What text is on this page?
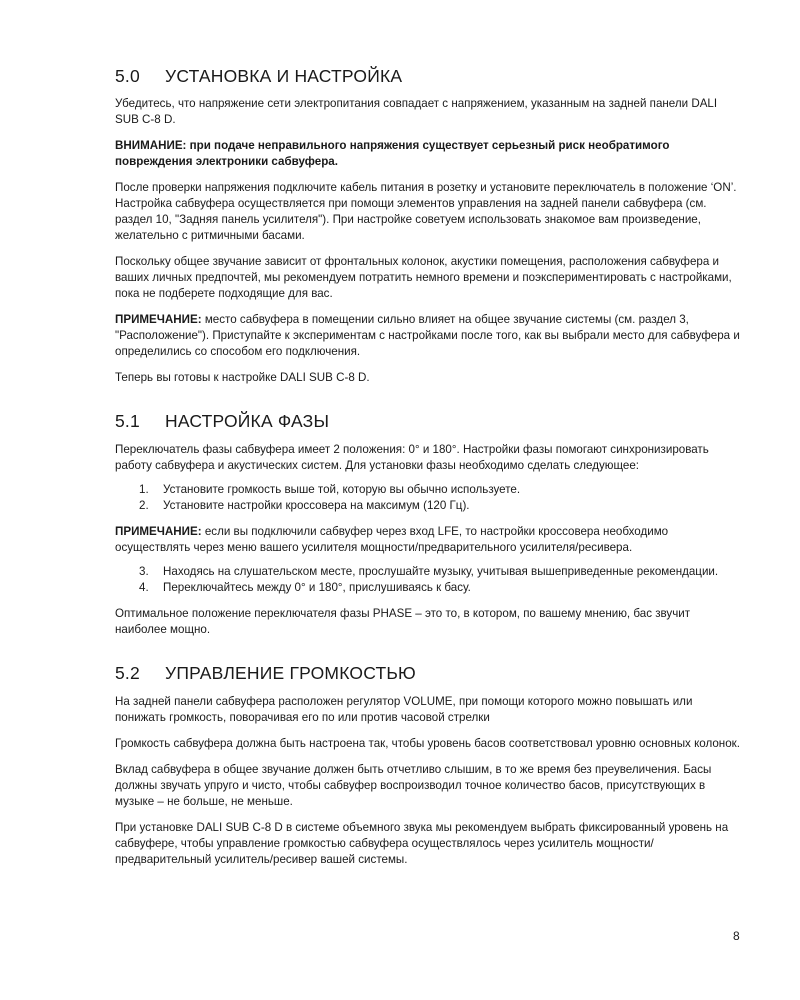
5.0 УСТАНОВКА И НАСТРОЙКА

Убедитесь, что напряжение сети электропитания совпадает с напряжением, указанным на задней панели DALI SUB C-8 D.

ВНИМАНИЕ: при подаче неправильного напряжения существует серьезный риск необратимого повреждения электроники сабвуфера.

После проверки напряжения подключите кабель питания в розетку и установите переключатель в положение ‘ON’. Настройка сабвуфера осуществляется при помощи элементов управления на задней панели сабвуфера (см. раздел 10, "Задняя панель усилителя"). При настройке советуем использовать знакомое вам произведение, желательно с ритмичными басами.

Поскольку общее звучание зависит от фронтальных колонок, акустики помещения, расположения сабвуфера и ваших личных предпочтей, мы рекомендуем потратить немного времени и поэкспериментировать с настройками, пока не подберете подходящие для вас.

ПРИМЕЧАНИЕ: место сабвуфера в помещении сильно влияет на общее звучание системы (см. раздел 3, "Расположение"). Приступайте к экспериментам с настройками после того, как вы выбрали место для сабвуфера и определились со способом его подключения.

Теперь вы готовы к настройке DALI SUB C-8 D.

5.1 НАСТРОЙКА ФАЗЫ

Переключатель фазы сабвуфера имеет 2 положения: 0° и 180°. Настройки фазы помогают синхронизировать работу сабвуфера и акустических систем. Для установки фазы необходимо сделать следующее:

1. Установите громкость выше той, которую вы обычно используете.
2. Установите настройки кроссовера на максимум (120 Гц).

ПРИМЕЧАНИЕ: если вы подключили сабвуфер через вход LFE, то настройки кроссовера необходимо осуществлять через меню вашего усилителя мощности/предварительного усилителя/ресивера.

3. Находясь на слушательском месте, прослушайте музыку, учитывая вышеприведенные рекомендации.
4. Переключайтесь между 0° и 180°, прислушиваясь к басу.

Оптимальное положение переключателя фазы PHASE – это то, в котором, по вашему мнению, бас звучит наиболее мощно.

5.2 УПРАВЛЕНИЕ ГРОМКОСТЬЮ

На задней панели сабвуфера расположен регулятор VOLUME, при помощи которого можно повышать или понижать громкость, поворачивая его по или против часовой стрелки

Громкость сабвуфера должна быть настроена так, чтобы уровень басов соответствовал уровню основных колонок.

Вклад сабвуфера в общее звучание должен быть отчетливо слышим, в то же время без преувеличения. Басы должны звучать упруго и чисто, чтобы сабвуфер воспроизводил точное количество басов, присутствующих в музыке – не больше, не меньше.

При установке DALI SUB C-8 D в системе объемного звука мы рекомендуем выбрать фиксированный уровень на сабвуфере, чтобы управление громкостью сабвуфера осуществлялось через усилитель мощности/предварительный усилитель/ресивер вашей системы.

8
